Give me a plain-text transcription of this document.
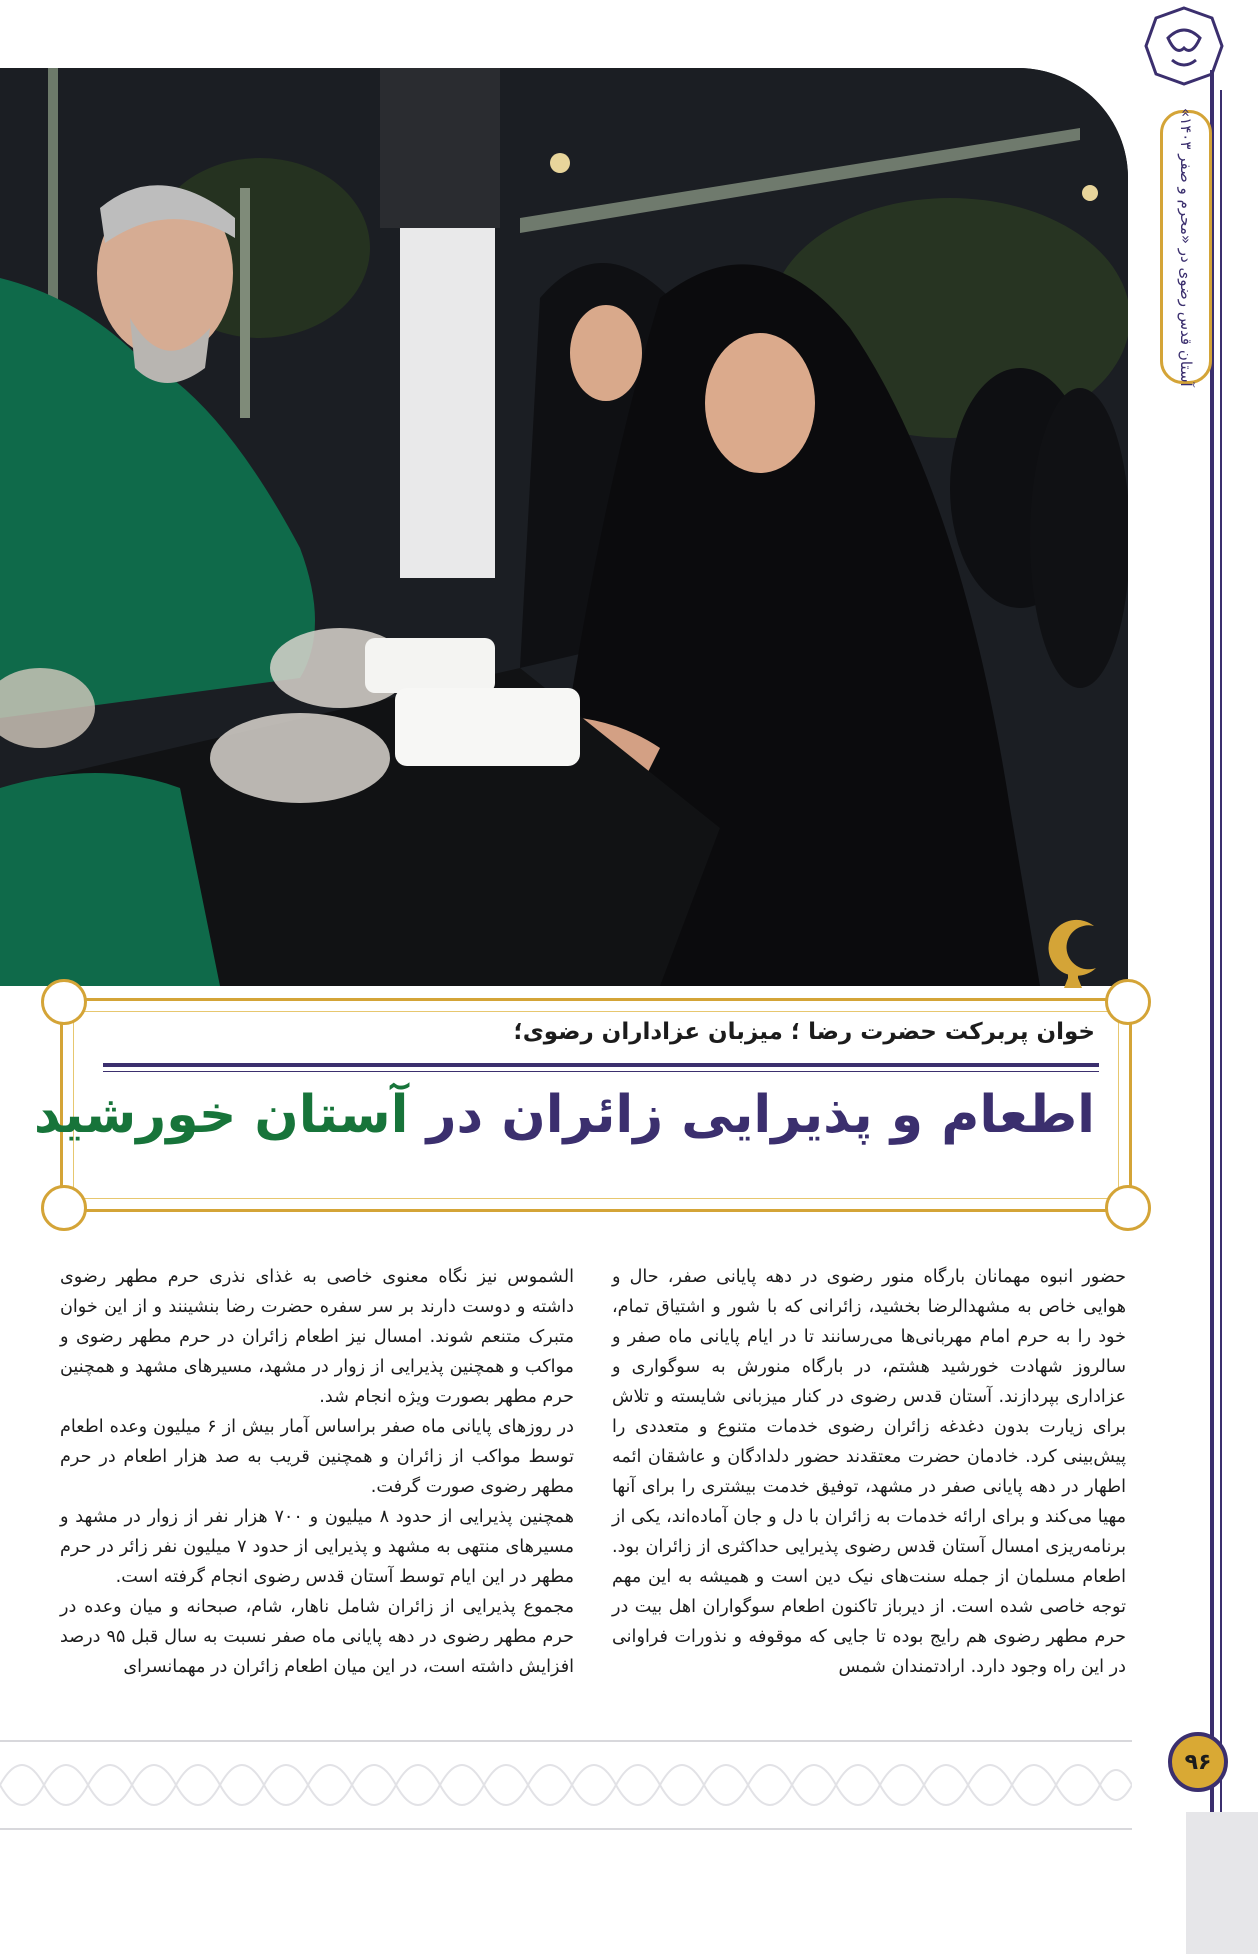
آستان قدس رضوی در «محرم و صفر ۱۴۰۳»
۹۶
خوان پربرکت حضرت رضا ؛ میزبان عزاداران رضوی؛
اطعام و پذیرایی زائران در آستان خورشید

حضور انبوه مهمانان بارگاه منور رضوی در دهه پایانی صفر، حال و هوایی خاص به مشهدالرضا بخشید، زائرانی که با شور و اشتیاق تمام، خود را به حرم امام مهربانی‌ها می‌رسانند تا در ایام پایانی ماه صفر و سالروز شهادت خورشید هشتم، در بارگاه منورش به سوگواری و عزاداری بپردازند. آستان قدس رضوی در کنار میزبانی شایسته و تلاش برای زیارت بدون دغدغه زائران رضوی خدمات متنوع و متعددی را پیش‌بینی کرد. خادمان حضرت معتقدند حضور دلدادگان و عاشقان ائمه اطهار در دهه پایانی صفر در مشهد، توفیق خدمت بیشتری را برای آنها مهیا می‌کند و برای ارائه خدمات به زائران با دل و جان آماده‌اند، یکی از برنامه‌ریزی امسال آستان قدس رضوی پذیرایی حداکثری از زائران بود. اطعام مسلمان از جمله سنت‌های نیک دین است و همیشه به این مهم توجه خاصی شده است. از دیرباز تاکنون اطعام سوگواران اهل بیت در حرم مطهر رضوی هم رایج بوده تا جایی که موقوفه و نذورات فراوانی در این راه وجود دارد. ارادتمندان شمس

الشموس نیز نگاه معنوی خاصی به غذای نذری حرم مطهر رضوی داشته و دوست دارند بر سر سفره حضرت رضا بنشینند و از این خوان متبرک متنعم شوند. امسال نیز اطعام زائران در حرم مطهر رضوی و مواکب و همچنین پذیرایی از زوار در مشهد، مسیرهای مشهد و همچنین حرم مطهر بصورت ویژه انجام شد.

در روزهای پایانی ماه صفر براساس آمار بیش از ۶ میلیون وعده اطعام توسط مواکب از زائران و همچنین قریب به صد هزار اطعام در حرم مطهر رضوی صورت گرفت.

همچنین پذیرایی از حدود ۸ میلیون و ۷۰۰ هزار نفر از زوار در مشهد و مسیرهای منتهی به مشهد و پذیرایی از حدود ۷ میلیون نفر زائر در حرم مطهر در این ایام توسط آستان قدس رضوی انجام گرفته است.

مجموع پذیرایی از زائران شامل ناهار، شام، صبحانه و میان وعده در حرم مطهر رضوی در دهه پایانی ماه صفر نسبت به سال قبل ۹۵ درصد افزایش داشته است، در این میان اطعام زائران در مهمانسرای
